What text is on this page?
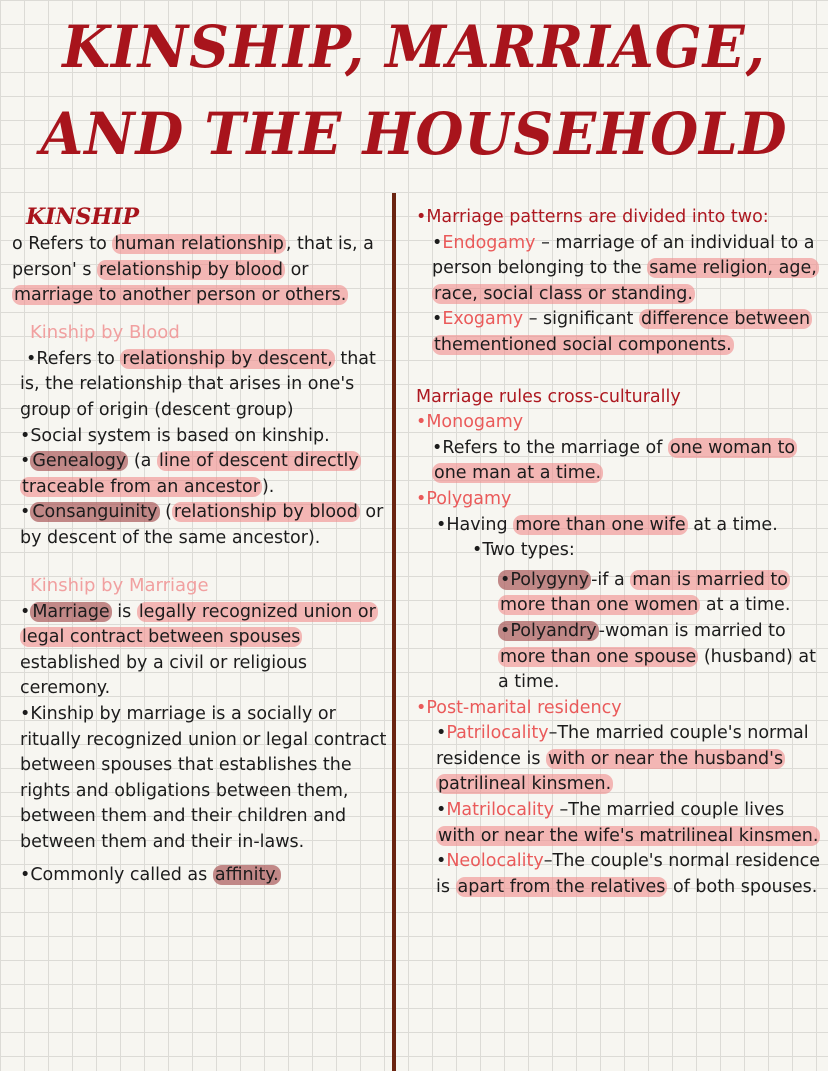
KINSHIP, MARRIAGE,
AND THE HOUSEHOLD

KINSHIP

o Refers to human relationship , that is, a person' s relationship by blood or marriage to another person or others.

Kinship by Blood

•Refers to relationship by descent, that is, the relationship that arises in one's group of origin (descent group)

•Social system is based on kinship.

• Genealogy (a line of descent directly traceable from an ancestor ).

• Consanguinity ( relationship by blood or by descent of the same ancestor).

Kinship by Marriage

• Marriage is legally recognized union or legal contract between spouses established by a civil or religious ceremony.

•Kinship by marriage is a socially or ritually recognized union or legal contract between spouses that establishes the rights and obligations between them, between them and their children and between them and their in-laws.

•Commonly called as affinity.

•Marriage patterns are divided into two:

•Endogamy – marriage of an individual to a person belonging to the same religion, age, race, social class or standing.

•Exogamy – significant difference between thementioned social components.

Marriage rules cross-culturally

•Monogamy

•Refers to the marriage of one woman to one man at a time.

•Polygamy

•Having more than one wife at a time.

•Two types:

•Polygyny -if a man is married to more than one women at a time.

•Polyandry -woman is married to more than one spouse (husband) at a time.

•Post-marital residency

•Patrilocality–The married couple's normal residence is with or near the husband's patrilineal kinsmen.

•Matrilocality –The married couple lives with or near the wife's matrilineal kinsmen.

•Neolocality–The couple's normal residence is apart from the relatives of both spouses.
